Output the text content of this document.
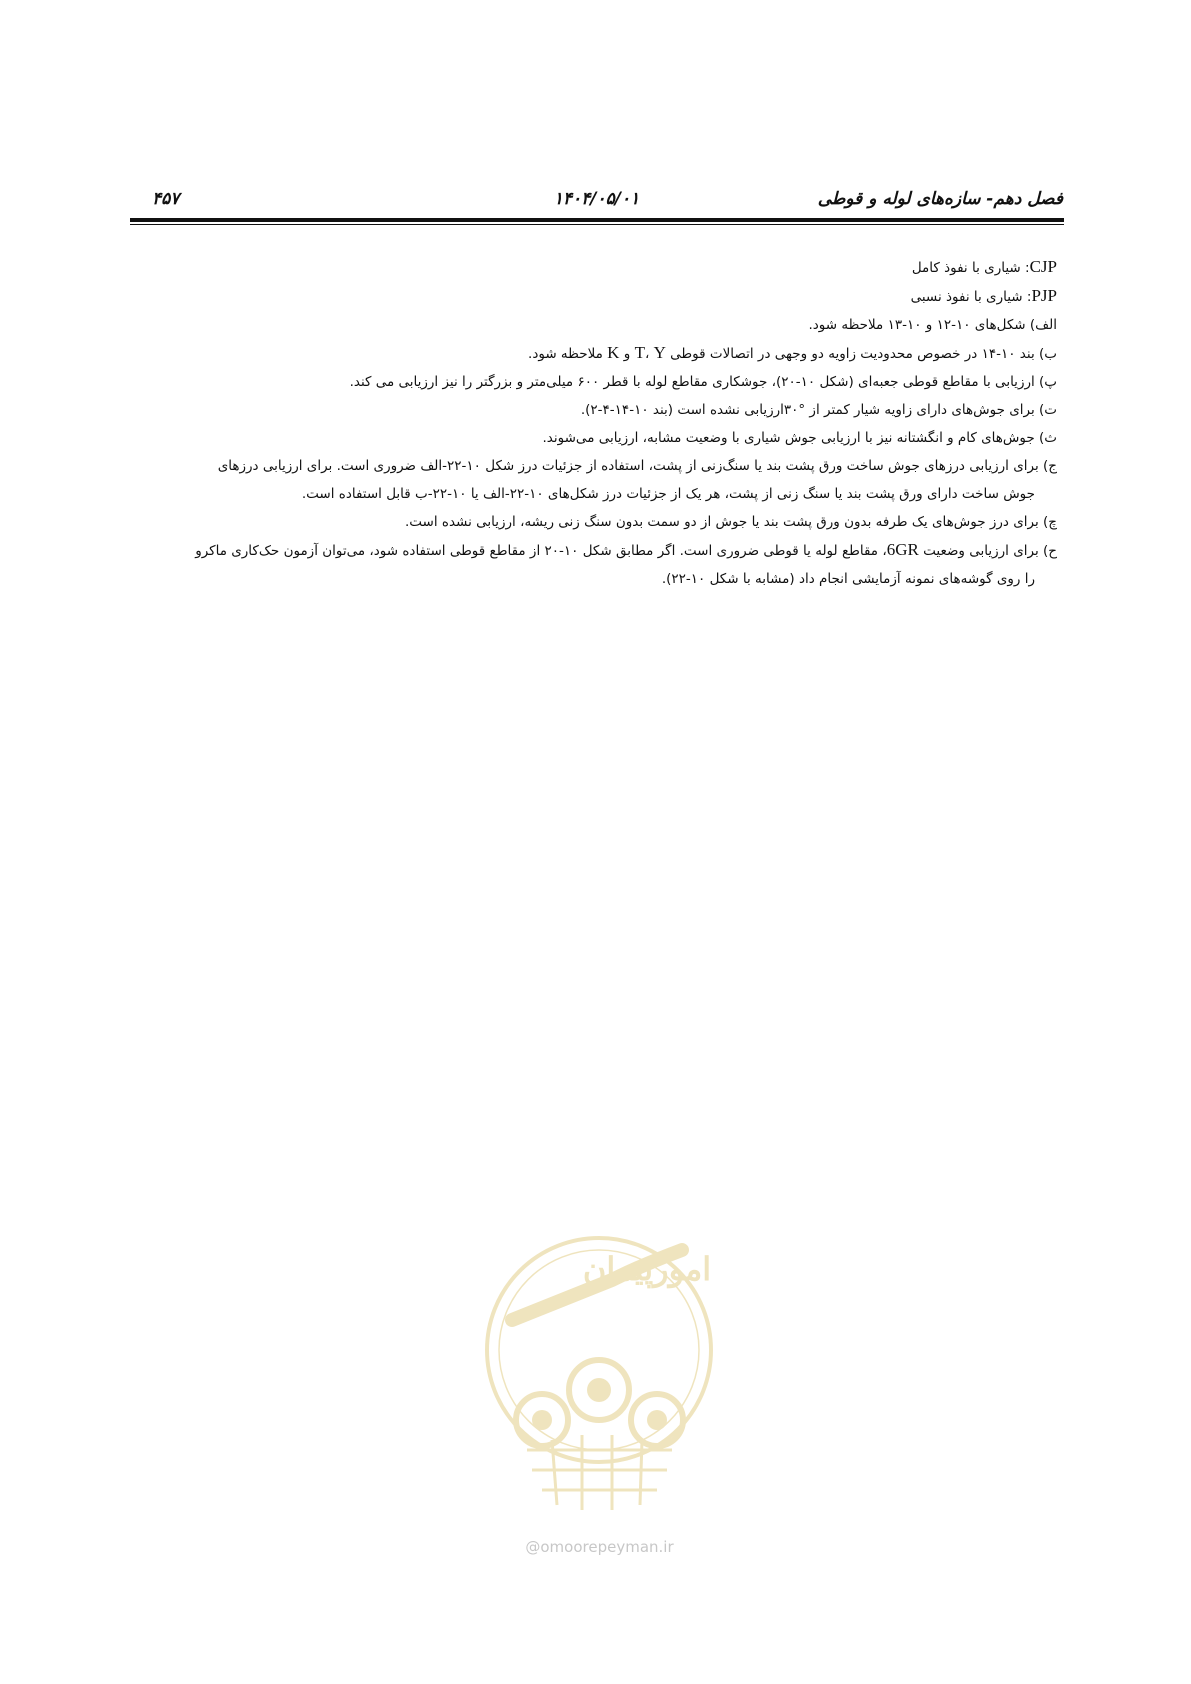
فصل دهم- سازه‌های لوله و قوطی
۱۴۰۴/۰۵/۰۱
۴۵۷
CJP: شیاری با نفوذ کامل
PJP: شیاری با نفوذ نسبی
الف) شکل‌های ۱۰-۱۲ و ۱۰-۱۳ ملاحظه شود.
ب) بند ۱۰-۱۴ در خصوص محدودیت زاویه دو وجهی در اتصالات قوطی T، Y و K ملاحظه شود.
پ) ارزیابی با مقاطع قوطی جعبه‌ای (شکل ۱۰-۲۰)، جوشکاری مقاطع لوله با قطر ۶۰۰ میلی‌متر و بزرگتر را نیز ارزیابی می کند.
ت) برای جوش‌های دارای زاویه شیار کمتر از ‌°۳۰ارزیابی نشده است (بند ۱۰-۱۴-۴-۲).
ث) جوش‌های کام و انگشتانه نیز با ارزیابی جوش شیاری با وضعیت مشابه، ارزیابی می‌شوند.
ج) برای ارزیابی درزهای جوش ساخت ورق پشت بند یا سنگ‌زنی از پشت، استفاده از جزئیات درز شکل ۱۰-۲۲-الف ضروری است. برای ارزیابی درزهای
جوش ساخت دارای ورق پشت بند یا سنگ زنی از پشت، هر یک از جزئیات درز شکل‌های ۱۰-۲۲-الف یا ۱۰-۲۲-ب قابل استفاده است.
چ) برای درز جوش‌های یک طرفه بدون ورق پشت بند یا جوش از دو سمت بدون سنگ زنی ریشه، ارزیابی نشده است.
ح) برای ارزیابی وضعیت 6GR، مقاطع لوله یا قوطی ضروری است. اگر مطابق شکل ۱۰-۲۰ از مقاطع قوطی استفاده شود، می‌توان آزمون حک‌کاری ماکرو
را روی گوشه‌های نمونه آزمایشی انجام داد (مشابه با شکل ۱۰-۲۲).
امورپیمان
@omoorepeyman.ir
